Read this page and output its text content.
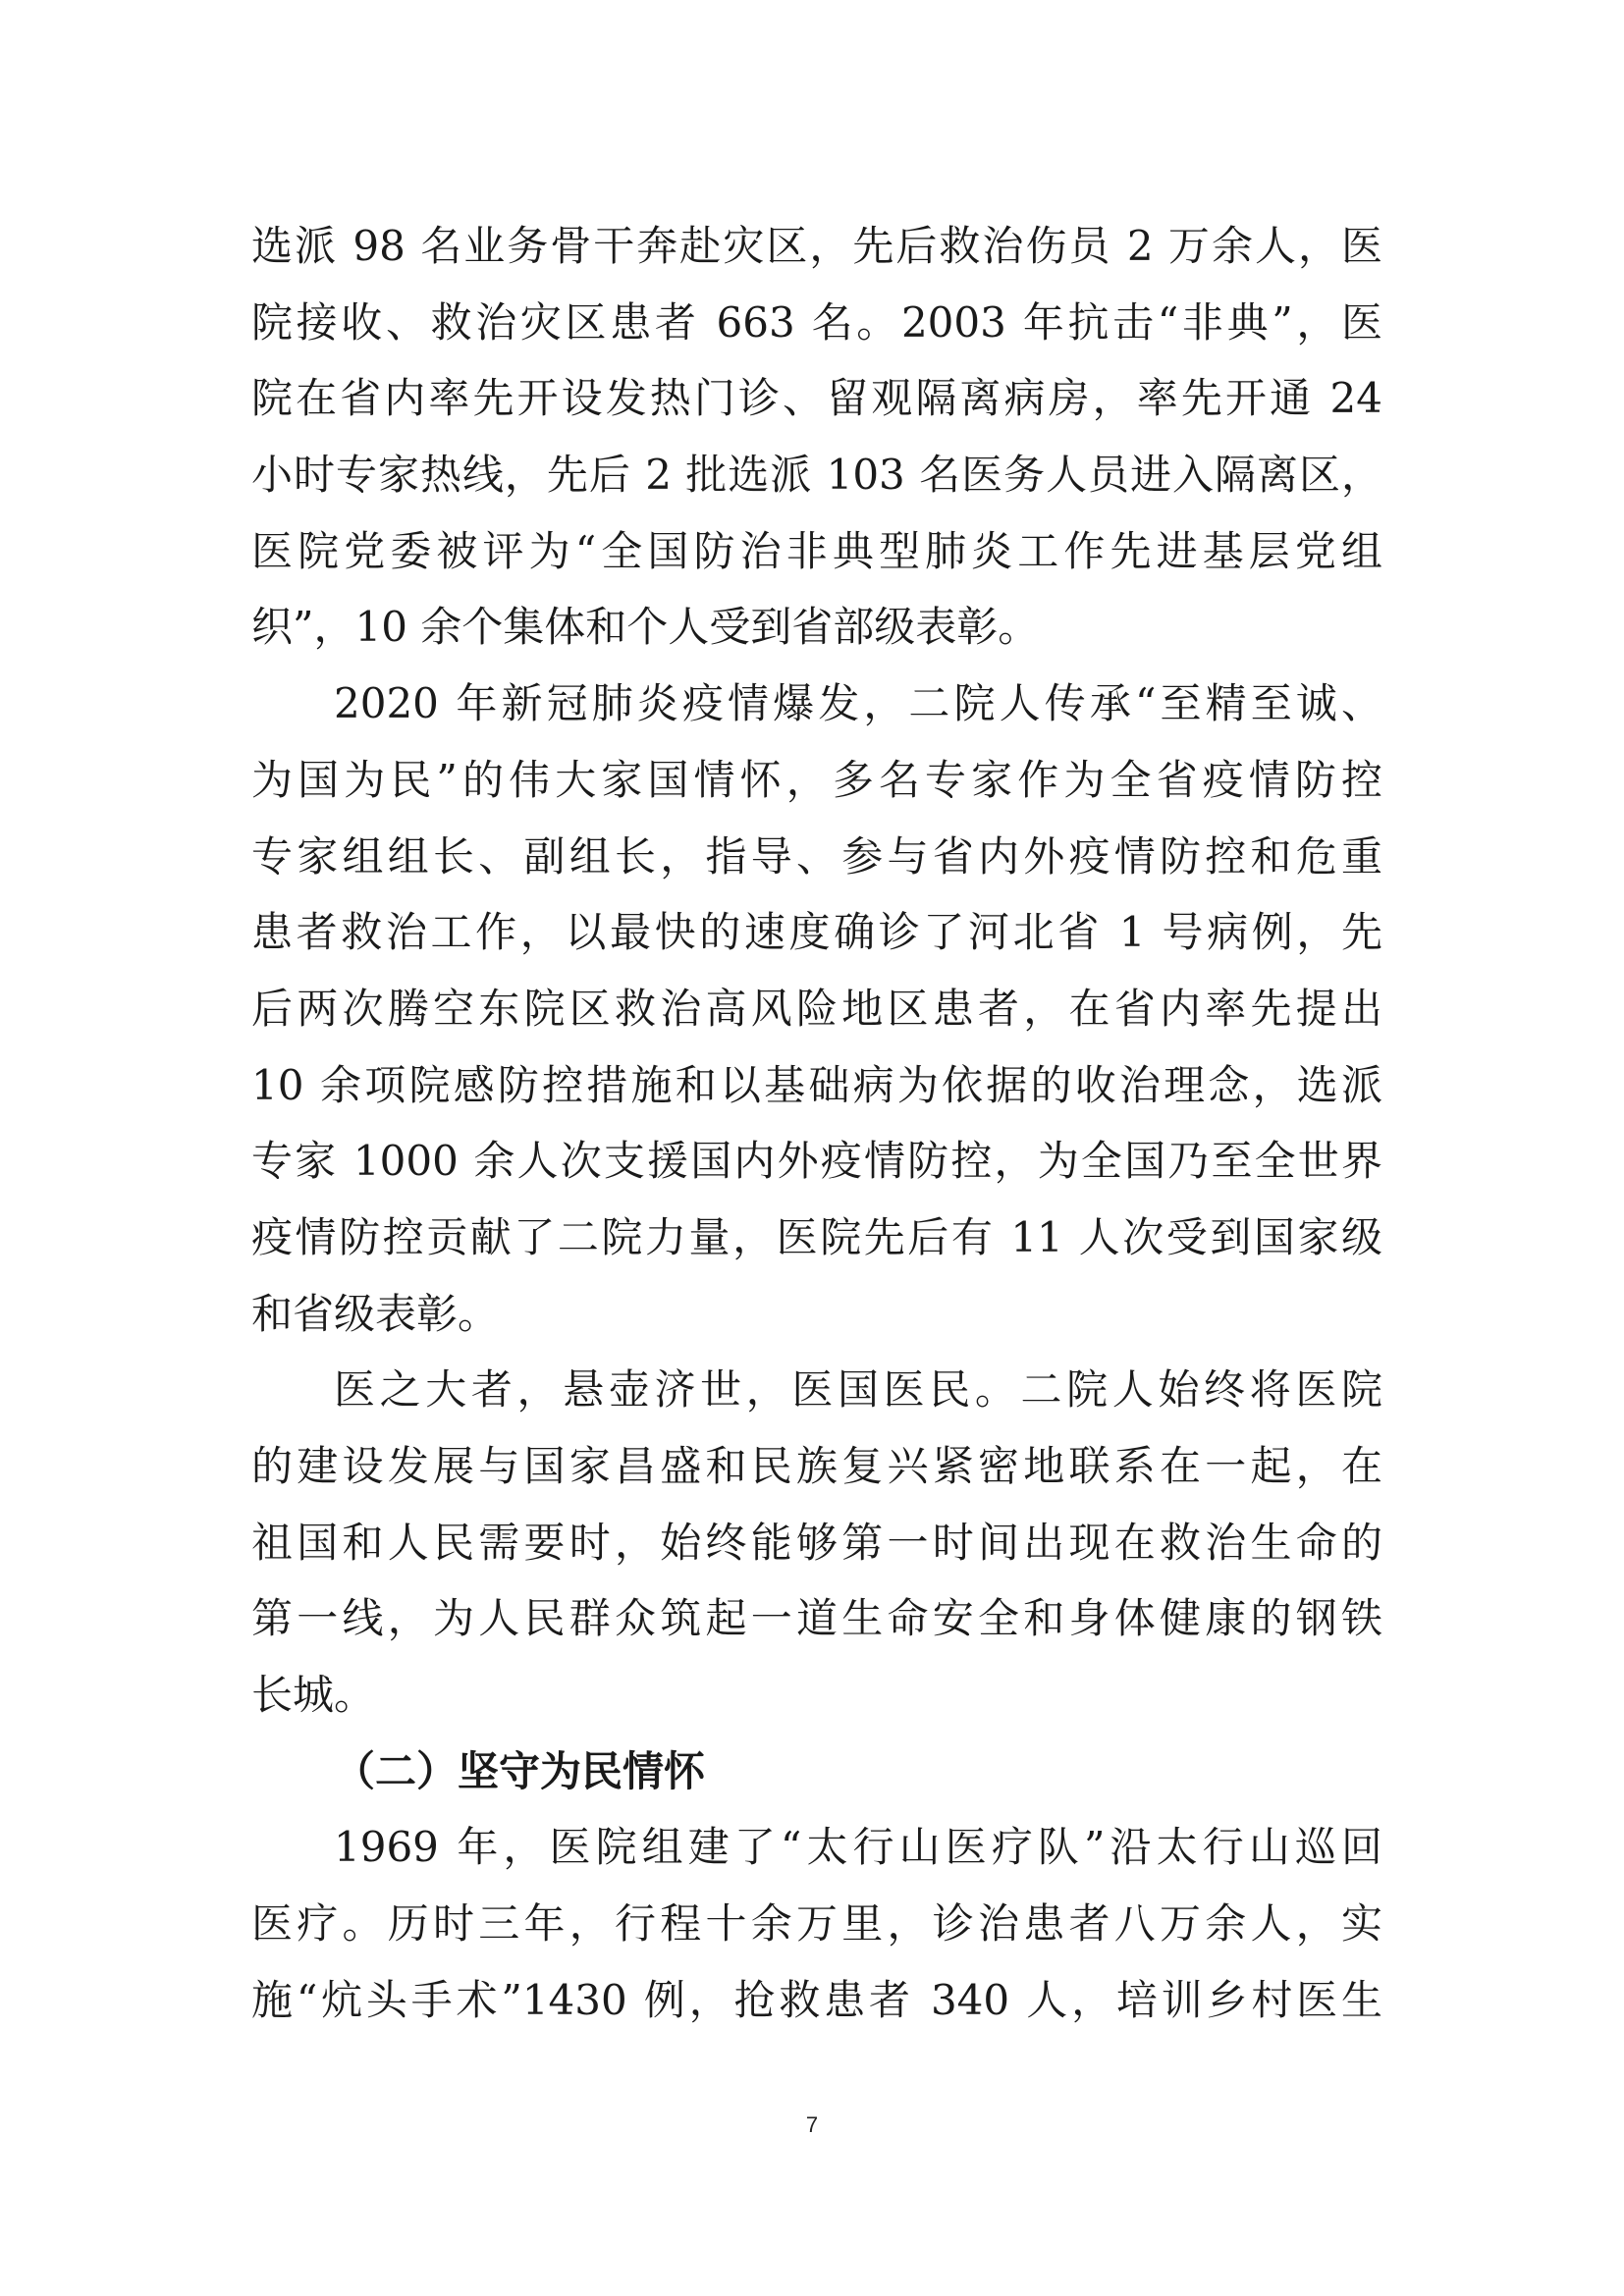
选派 98 名业务骨干奔赴灾区，先后救治伤员 2 万余人，医
院接收、救治灾区患者 663 名。2003 年抗击“非典”，医
院在省内率先开设发热门诊、留观隔离病房，率先开通 24
小时专家热线，先后 2 批选派 103 名医务人员进入隔离区，
医院党委被评为“全国防治非典型肺炎工作先进基层党组
织”，10 余个集体和个人受到省部级表彰。
2020 年新冠肺炎疫情爆发，二院人传承“至精至诚、
为国为民”的伟大家国情怀，多名专家作为全省疫情防控
专家组组长、副组长，指导、参与省内外疫情防控和危重
患者救治工作，以最快的速度确诊了河北省 1 号病例，先
后两次腾空东院区救治高风险地区患者，在省内率先提出
10 余项院感防控措施和以基础病为依据的收治理念，选派
专家 1000 余人次支援国内外疫情防控，为全国乃至全世界
疫情防控贡献了二院力量，医院先后有 11 人次受到国家级
和省级表彰。
医之大者，悬壶济世，医国医民。二院人始终将医院
的建设发展与国家昌盛和民族复兴紧密地联系在一起，在
祖国和人民需要时，始终能够第一时间出现在救治生命的
第一线，为人民群众筑起一道生命安全和身体健康的钢铁
长城。
（二）坚守为民情怀
1969 年，医院组建了“太行山医疗队”沿太行山巡回
医疗。历时三年，行程十余万里，诊治患者八万余人，实
施“炕头手术”1430 例，抢救患者 340 人，培训乡村医生
7
